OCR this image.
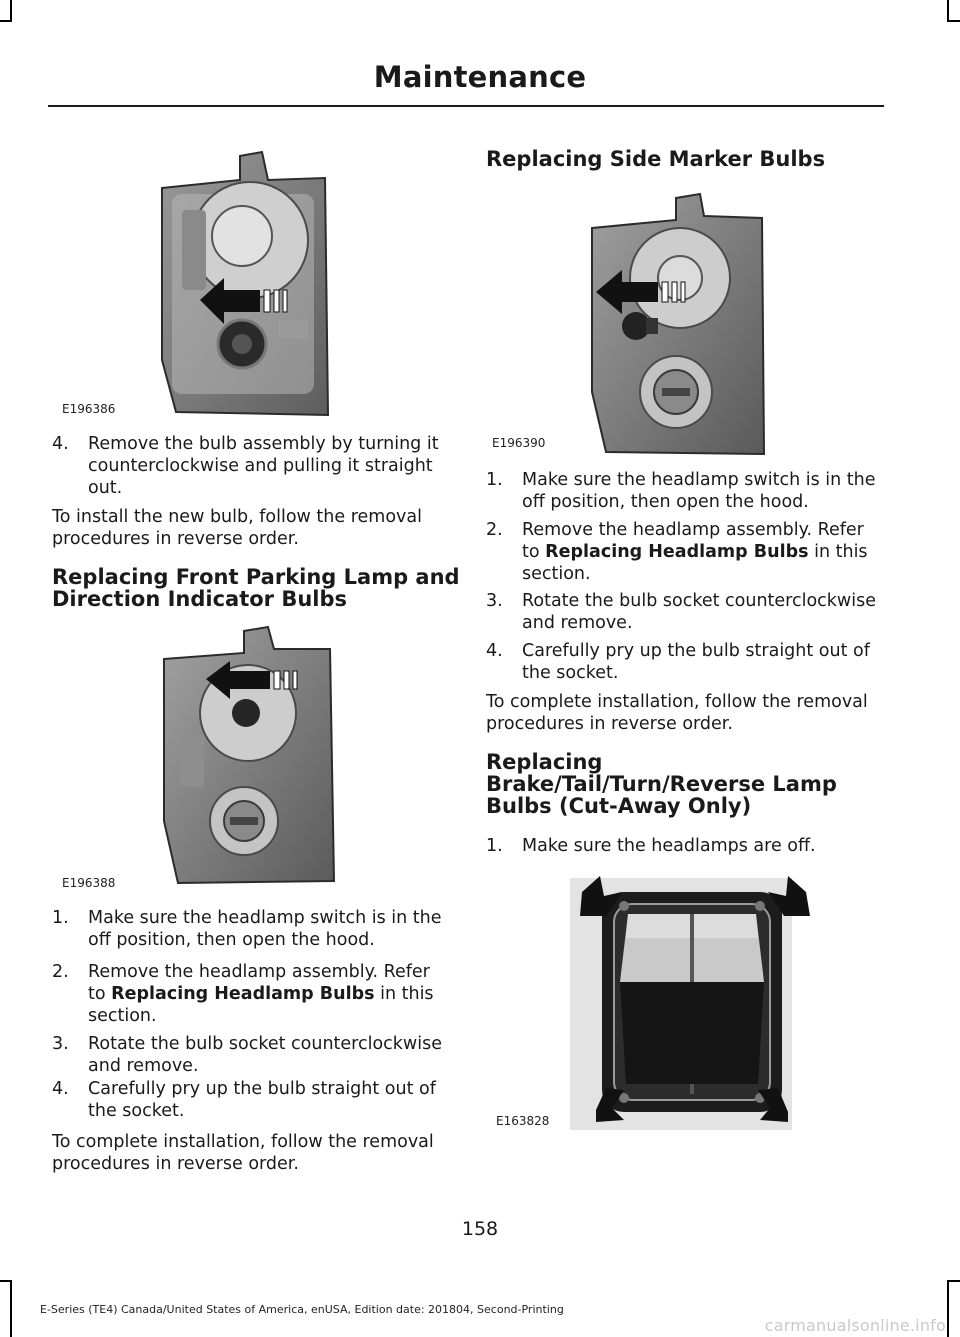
Maintenance
E196386
4.	Remove the bulb assembly by turning it counterclockwise and pulling it straight out.
To install the new bulb, follow the removal procedures in reverse order.
Replacing Front Parking Lamp and Direction Indicator Bulbs
E196388
1.	Make sure the headlamp switch is in the off position, then open the hood.
2.	Remove the headlamp assembly. Refer to Replacing Headlamp Bulbs in this section.
3.	Rotate the bulb socket counterclockwise and remove.
4.	Carefully pry up the bulb straight out of the socket.
To complete installation, follow the removal procedures in reverse order.
Replacing Side Marker Bulbs
E196390
1.	Make sure the headlamp switch is in the off position, then open the hood.
2.	Remove the headlamp assembly. Refer to Replacing Headlamp Bulbs in this section.
3.	Rotate the bulb socket counterclockwise and remove.
4.	Carefully pry up the bulb straight out of the socket.
To complete installation, follow the removal procedures in reverse order.
Replacing Brake/Tail/Turn/Reverse Lamp Bulbs (Cut-Away Only)
1.	Make sure the headlamps are off.
E163828
158
E-Series (TE4) Canada/United States of America, enUSA, Edition date: 201804, Second-Printing
carmanualsonline.info
